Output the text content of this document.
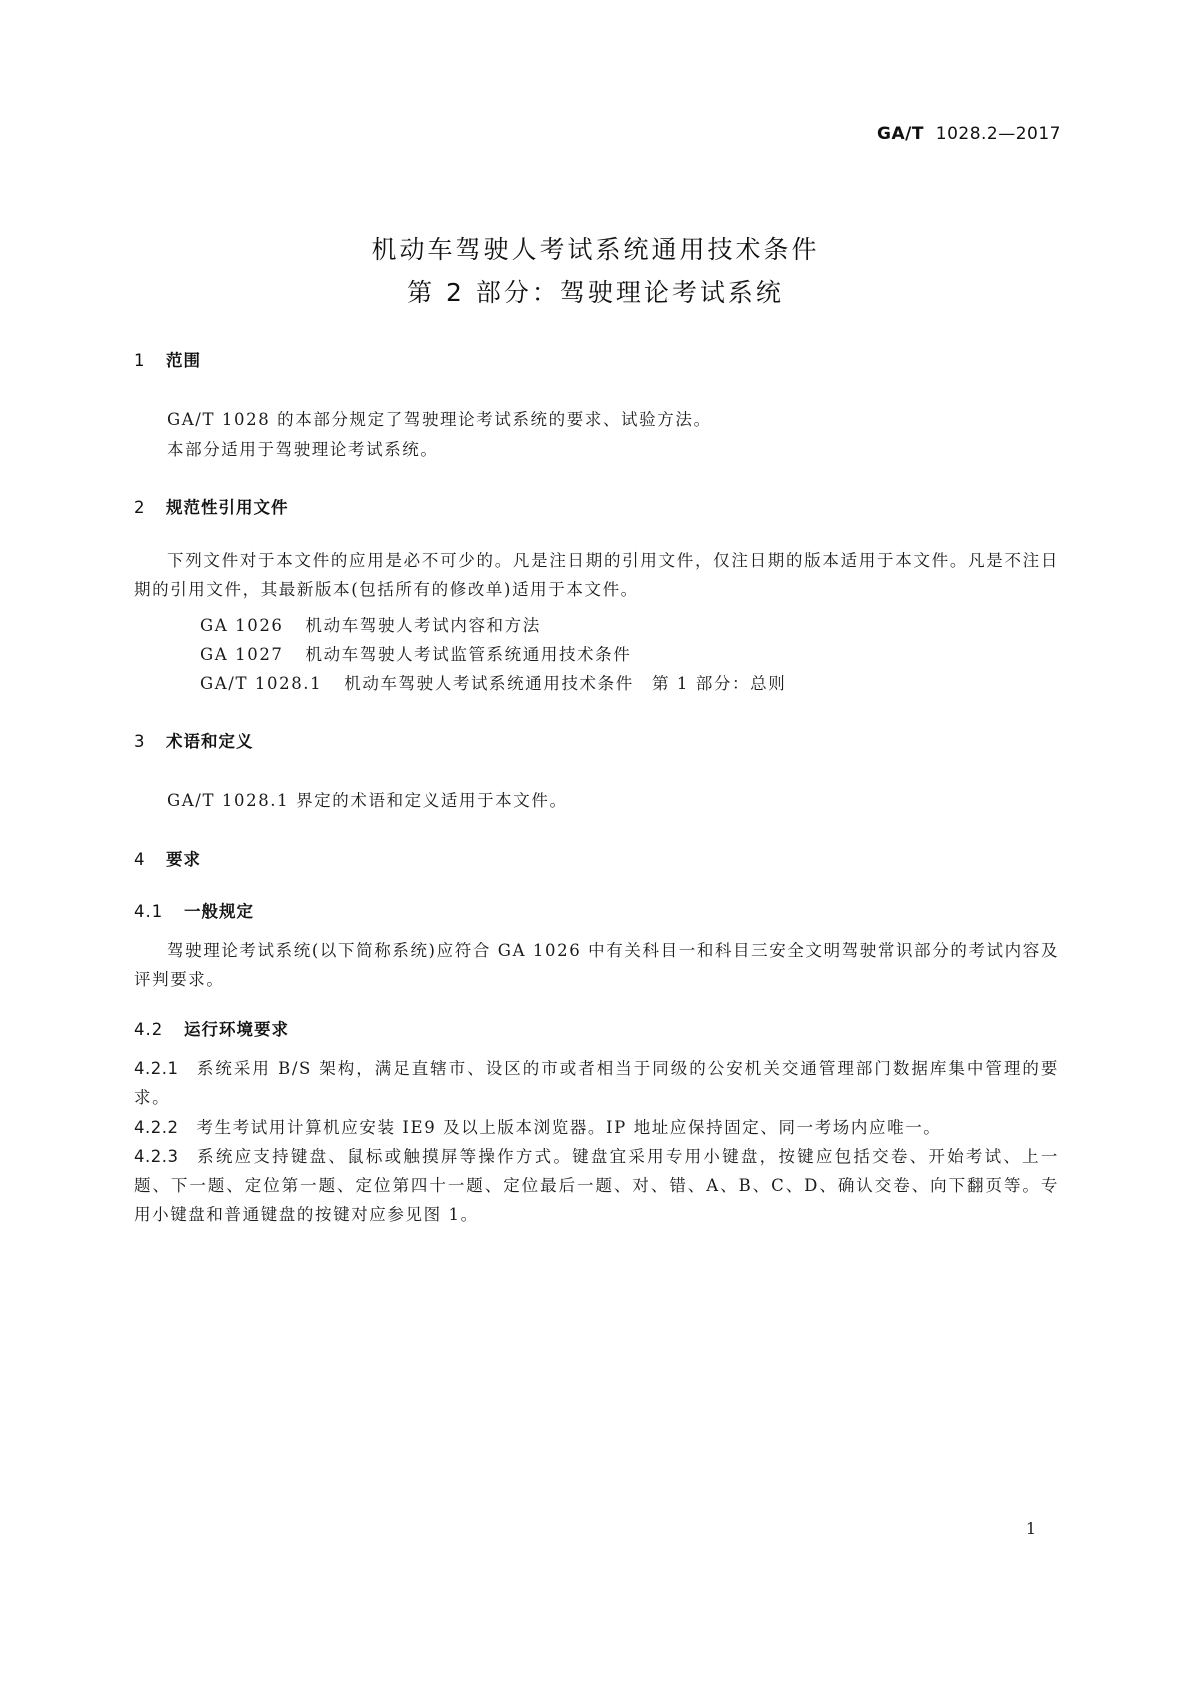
GA/T 1028.2—2017
机动车驾驶人考试系统通用技术条件
第 2 部分：驾驶理论考试系统
1 范围
GA/T 1028 的本部分规定了驾驶理论考试系统的要求、试验方法。
本部分适用于驾驶理论考试系统。
2 规范性引用文件
下列文件对于本文件的应用是必不可少的。凡是注日期的引用文件，仅注日期的版本适用于本文件。凡是不注日期的引用文件，其最新版本(包括所有的修改单)适用于本文件。
GA 1026 机动车驾驶人考试内容和方法
GA 1027 机动车驾驶人考试监管系统通用技术条件
GA/T 1028.1 机动车驾驶人考试系统通用技术条件　第 1 部分：总则
3 术语和定义
GA/T 1028.1 界定的术语和定义适用于本文件。
4 要求
4.1 一般规定
驾驶理论考试系统(以下简称系统)应符合 GA 1026 中有关科目一和科目三安全文明驾驶常识部分的考试内容及评判要求。
4.2 运行环境要求
4.2.1 系统采用 B/S 架构，满足直辖市、设区的市或者相当于同级的公安机关交通管理部门数据库集中管理的要求。
4.2.2 考生考试用计算机应安装 IE9 及以上版本浏览器。IP 地址应保持固定、同一考场内应唯一。
4.2.3 系统应支持键盘、鼠标或触摸屏等操作方式。键盘宜采用专用小键盘，按键应包括交卷、开始考试、上一题、下一题、定位第一题、定位第四十一题、定位最后一题、对、错、A、B、C、D、确认交卷、向下翻页等。专用小键盘和普通键盘的按键对应参见图 1。
1
